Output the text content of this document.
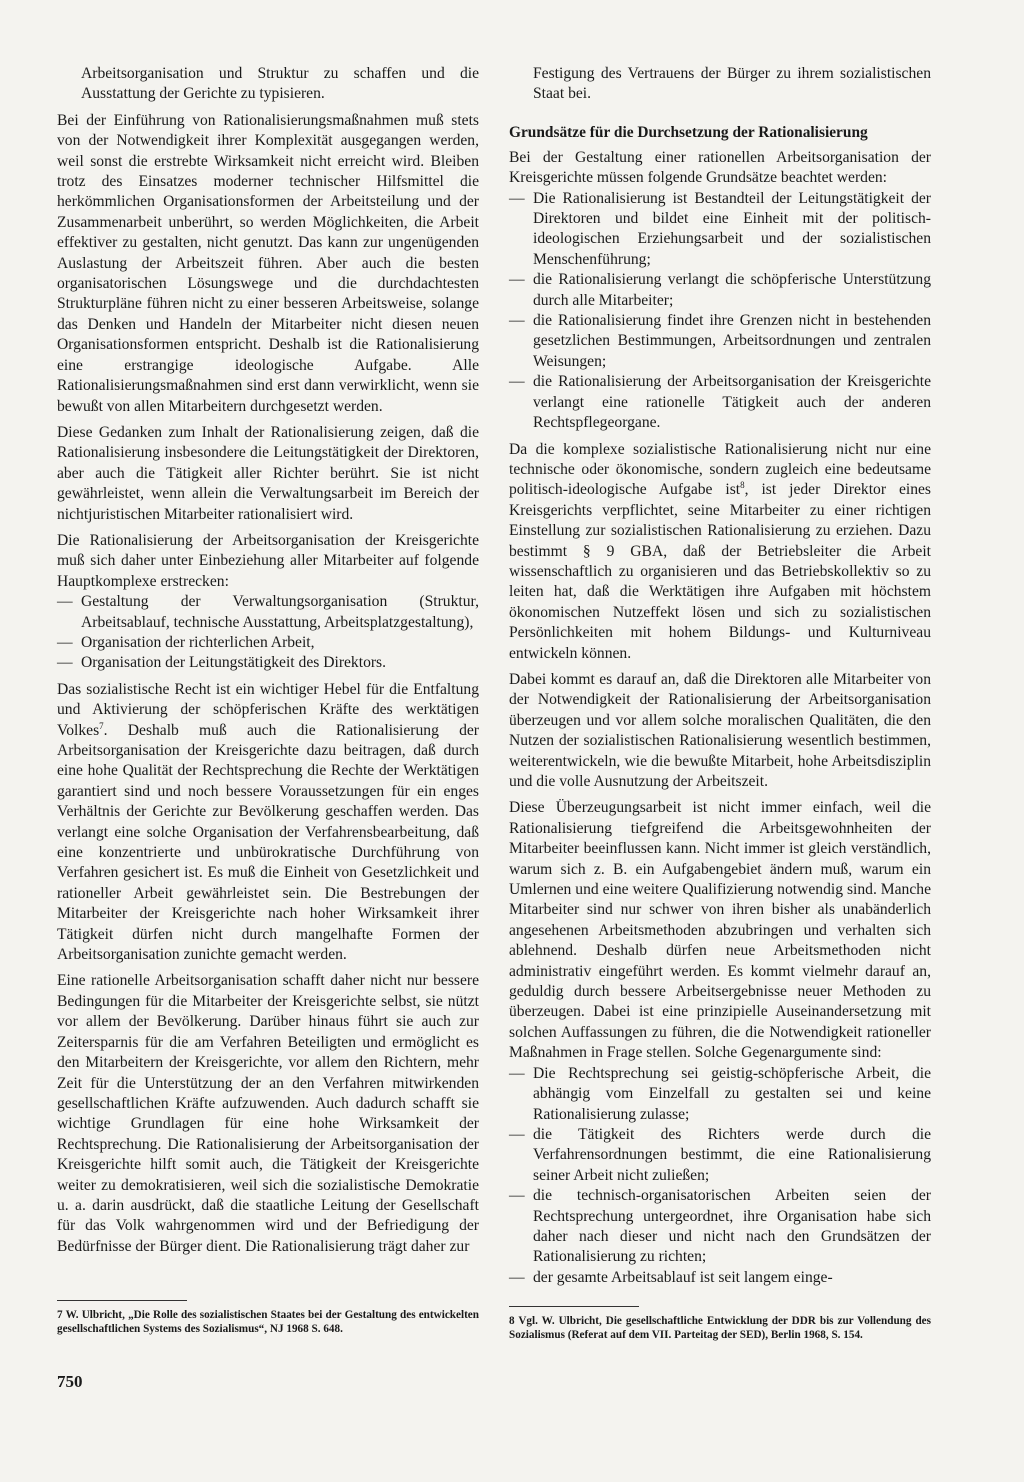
Arbeitsorganisation und Struktur zu schaffen und die Ausstattung der Gerichte zu typisieren.

Bei der Einführung von Rationalisierungsmaßnahmen muß stets von der Notwendigkeit ihrer Komplexität ausgegangen werden, weil sonst die erstrebte Wirksamkeit nicht erreicht wird. Bleiben trotz des Einsatzes moderner technischer Hilfsmittel die herkömmlichen Organisationsformen der Arbeitsteilung und der Zusammenarbeit unberührt, so werden Möglichkeiten, die Arbeit effektiver zu gestalten, nicht genutzt. Das kann zur ungenügenden Auslastung der Arbeitszeit führen. Aber auch die besten organisatorischen Lösungswege und die durchdachtesten Strukturpläne führen nicht zu einer besseren Arbeitsweise, solange das Denken und Handeln der Mitarbeiter nicht diesen neuen Organisationsformen entspricht. Deshalb ist die Rationalisierung eine erstrangige ideologische Aufgabe. Alle Rationalisierungsmaßnahmen sind erst dann verwirklicht, wenn sie bewußt von allen Mitarbeitern durchgesetzt werden.

Diese Gedanken zum Inhalt der Rationalisierung zeigen, daß die Rationalisierung insbesondere die Leitungstätigkeit der Direktoren, aber auch die Tätigkeit aller Richter berührt. Sie ist nicht gewährleistet, wenn allein die Verwaltungsarbeit im Bereich der nichtjuristischen Mitarbeiter rationalisiert wird.

Die Rationalisierung der Arbeitsorganisation der Kreisgerichte muß sich daher unter Einbeziehung aller Mitarbeiter auf folgende Hauptkomplexe erstrecken:

— Gestaltung der Verwaltungsorganisation (Struktur, Arbeitsablauf, technische Ausstattung, Arbeitsplatzgestaltung),
— Organisation der richterlichen Arbeit,
— Organisation der Leitungstätigkeit des Direktors.

Das sozialistische Recht ist ein wichtiger Hebel für die Entfaltung und Aktivierung der schöpferischen Kräfte des werktätigen Volkes$^7$. Deshalb muß auch die Rationalisierung der Arbeitsorganisation der Kreisgerichte dazu beitragen, daß durch eine hohe Qualität der Rechtsprechung die Rechte der Werktätigen garantiert sind und noch bessere Voraussetzungen für ein enges Verhältnis der Gerichte zur Bevölkerung geschaffen werden. Das verlangt eine solche Organisation der Verfahrensbearbeitung, daß eine konzentrierte und unbürokratische Durchführung von Verfahren gesichert ist. Es muß die Einheit von Gesetzlichkeit und rationeller Arbeit gewährleistet sein. Die Bestrebungen der Mitarbeiter der Kreisgerichte nach hoher Wirksamkeit ihrer Tätigkeit dürfen nicht durch mangelhafte Formen der Arbeitsorganisation zunichte gemacht werden.

Eine rationelle Arbeitsorganisation schafft daher nicht nur bessere Bedingungen für die Mitarbeiter der Kreisgerichte selbst, sie nützt vor allem der Bevölkerung. Darüber hinaus führt sie auch zur Zeitersparnis für die am Verfahren Beteiligten und ermöglicht es den Mitarbeitern der Kreisgerichte, vor allem den Richtern, mehr Zeit für die Unterstützung der an den Verfahren mitwirkenden gesellschaftlichen Kräfte aufzuwenden. Auch dadurch schafft sie wichtige Grundlagen für eine hohe Wirksamkeit der Rechtsprechung. Die Rationalisierung der Arbeitsorganisation der Kreisgerichte hilft somit auch, die Tätigkeit der Kreisgerichte weiter zu demokratisieren, weil sich die sozialistische Demokratie u. a. darin ausdrückt, daß die staatliche Leitung der Gesellschaft für das Volk wahrgenommen wird und der Befriedigung der Bedürfnisse der Bürger dient. Die Rationalisierung trägt daher zur

Festigung des Vertrauens der Bürger zu ihrem sozialistischen Staat bei.

Grundsätze für die Durchsetzung der Rationalisierung

Bei der Gestaltung einer rationellen Arbeitsorganisation der Kreisgerichte müssen folgende Grundsätze beachtet werden:

— Die Rationalisierung ist Bestandteil der Leitungstätigkeit der Direktoren und bildet eine Einheit mit der politisch-ideologischen Erziehungsarbeit und der sozialistischen Menschenführung;
— die Rationalisierung verlangt die schöpferische Unterstützung durch alle Mitarbeiter;
— die Rationalisierung findet ihre Grenzen nicht in bestehenden gesetzlichen Bestimmungen, Arbeitsordnungen und zentralen Weisungen;
— die Rationalisierung der Arbeitsorganisation der Kreisgerichte verlangt eine rationelle Tätigkeit auch der anderen Rechtspflegeorgane.

Da die komplexe sozialistische Rationalisierung nicht nur eine technische oder ökonomische, sondern zugleich eine bedeutsame politisch-ideologische Aufgabe ist$^8$, ist jeder Direktor eines Kreisgerichts verpflichtet, seine Mitarbeiter zu einer richtigen Einstellung zur sozialistischen Rationalisierung zu erziehen. Dazu bestimmt § 9 GBA, daß der Betriebsleiter die Arbeit wissenschaftlich zu organisieren und das Betriebskollektiv so zu leiten hat, daß die Werktätigen ihre Aufgaben mit höchstem ökonomischen Nutzeffekt lösen und sich zu sozialistischen Persönlichkeiten mit hohem Bildungs- und Kulturniveau entwickeln können.

Dabei kommt es darauf an, daß die Direktoren alle Mitarbeiter von der Notwendigkeit der Rationalisierung der Arbeitsorganisation überzeugen und vor allem solche moralischen Qualitäten, die den Nutzen der sozialistischen Rationalisierung wesentlich bestimmen, weiterentwickeln, wie die bewußte Mitarbeit, hohe Arbeitsdisziplin und die volle Ausnutzung der Arbeitszeit.

Diese Überzeugungsarbeit ist nicht immer einfach, weil die Rationalisierung tiefgreifend die Arbeitsgewohnheiten der Mitarbeiter beeinflussen kann. Nicht immer ist gleich verständlich, warum sich z. B. ein Aufgabengebiet ändern muß, warum ein Umlernen und eine weitere Qualifizierung notwendig sind. Manche Mitarbeiter sind nur schwer von ihren bisher als unabänderlich angesehenen Arbeitsmethoden abzubringen und verhalten sich ablehnend. Deshalb dürfen neue Arbeitsmethoden nicht administrativ eingeführt werden. Es kommt vielmehr darauf an, geduldig durch bessere Arbeitsergebnisse neuer Methoden zu überzeugen. Dabei ist eine prinzipielle Auseinandersetzung mit solchen Auffassungen zu führen, die die Notwendigkeit rationeller Maßnahmen in Frage stellen. Solche Gegenargumente sind:

— Die Rechtsprechung sei geistig-schöpferische Arbeit, die abhängig vom Einzelfall zu gestalten sei und keine Rationalisierung zulasse;
— die Tätigkeit des Richters werde durch die Verfahrensordnungen bestimmt, die eine Rationalisierung seiner Arbeit nicht zuließen;
— die technisch-organisatorischen Arbeiten seien der Rechtsprechung untergeordnet, ihre Organisation habe sich daher nach dieser und nicht nach den Grundsätzen der Rationalisierung zu richten;
— der gesamte Arbeitsablauf ist seit langem einge-
7 W. Ulbricht, „Die Rolle des sozialistischen Staates bei der Gestaltung des entwickelten gesellschaftlichen Systems des Sozialismus“, NJ 1968 S. 648.
8 Vgl. W. Ulbricht, Die gesellschaftliche Entwicklung der DDR bis zur Vollendung des Sozialismus (Referat auf dem VII. Parteitag der SED), Berlin 1968, S. 154.
750
